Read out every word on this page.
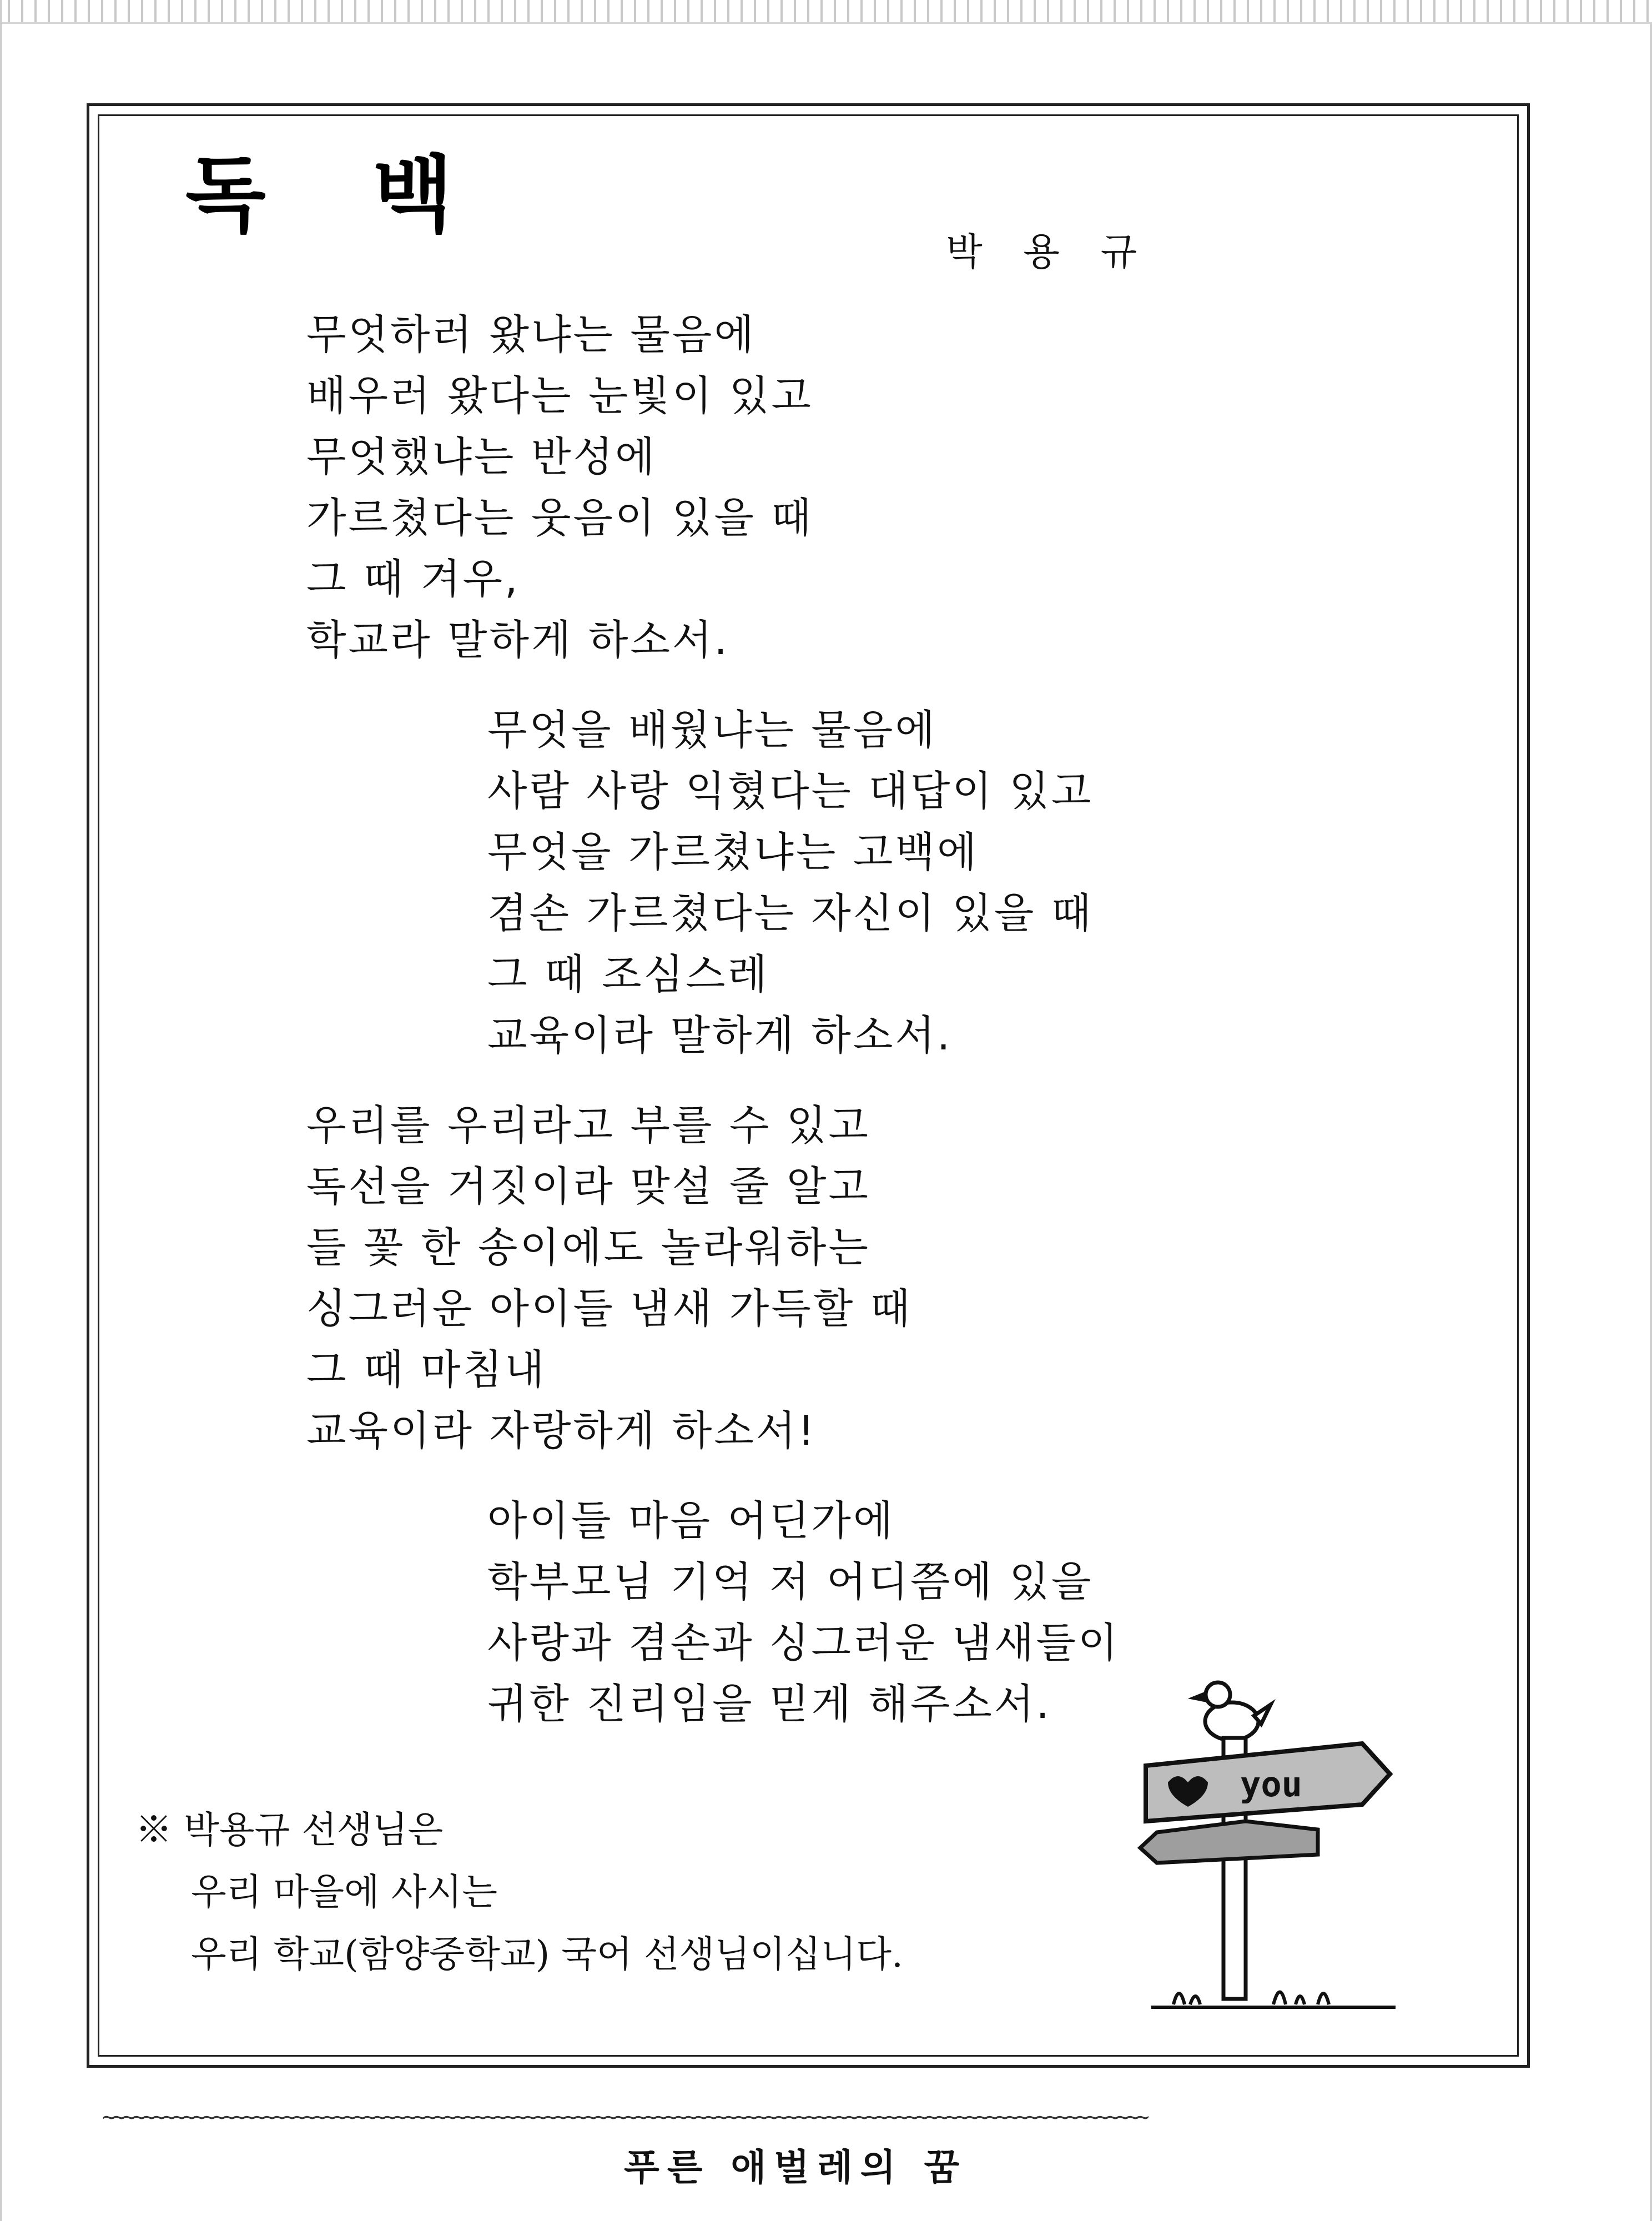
독 백
박 용 규
무엇하러 왔냐는 물음에
배우러 왔다는 눈빛이 있고
무엇했냐는 반성에
가르쳤다는 웃음이 있을 때
그 때 겨우,
학교라 말하게 하소서.
무엇을 배웠냐는 물음에
사람 사랑 익혔다는 대답이 있고
무엇을 가르쳤냐는 고백에
겸손 가르쳤다는 자신이 있을 때
그 때 조심스레
교육이라 말하게 하소서.
우리를 우리라고 부를 수 있고
독선을 거짓이라 맞설 줄 알고
들 꽃 한 송이에도 놀라워하는
싱그러운 아이들 냄새 가득할 때
그 때 마침내
교육이라 자랑하게 하소서!
아이들 마음 어딘가에
학부모님 기억 저 어디쯤에 있을
사랑과 겸손과 싱그러운 냄새들이
귀한 진리임을 믿게 해주소서.
※ 박용규 선생님은
우리 마을에 사시는
우리 학교(함양중학교) 국어 선생님이십니다.
you
~~~~~~~~~~~~~~~~~~~~~~~~~~~~~~~~~~~~~~~~~~~~~~~~~~~~~~~~~~~~~~~~~~~~~~~~~~~~~~~~~~~~~~~~~~~~~~~~~~~~~~~~
푸른 애벌레의 꿈
